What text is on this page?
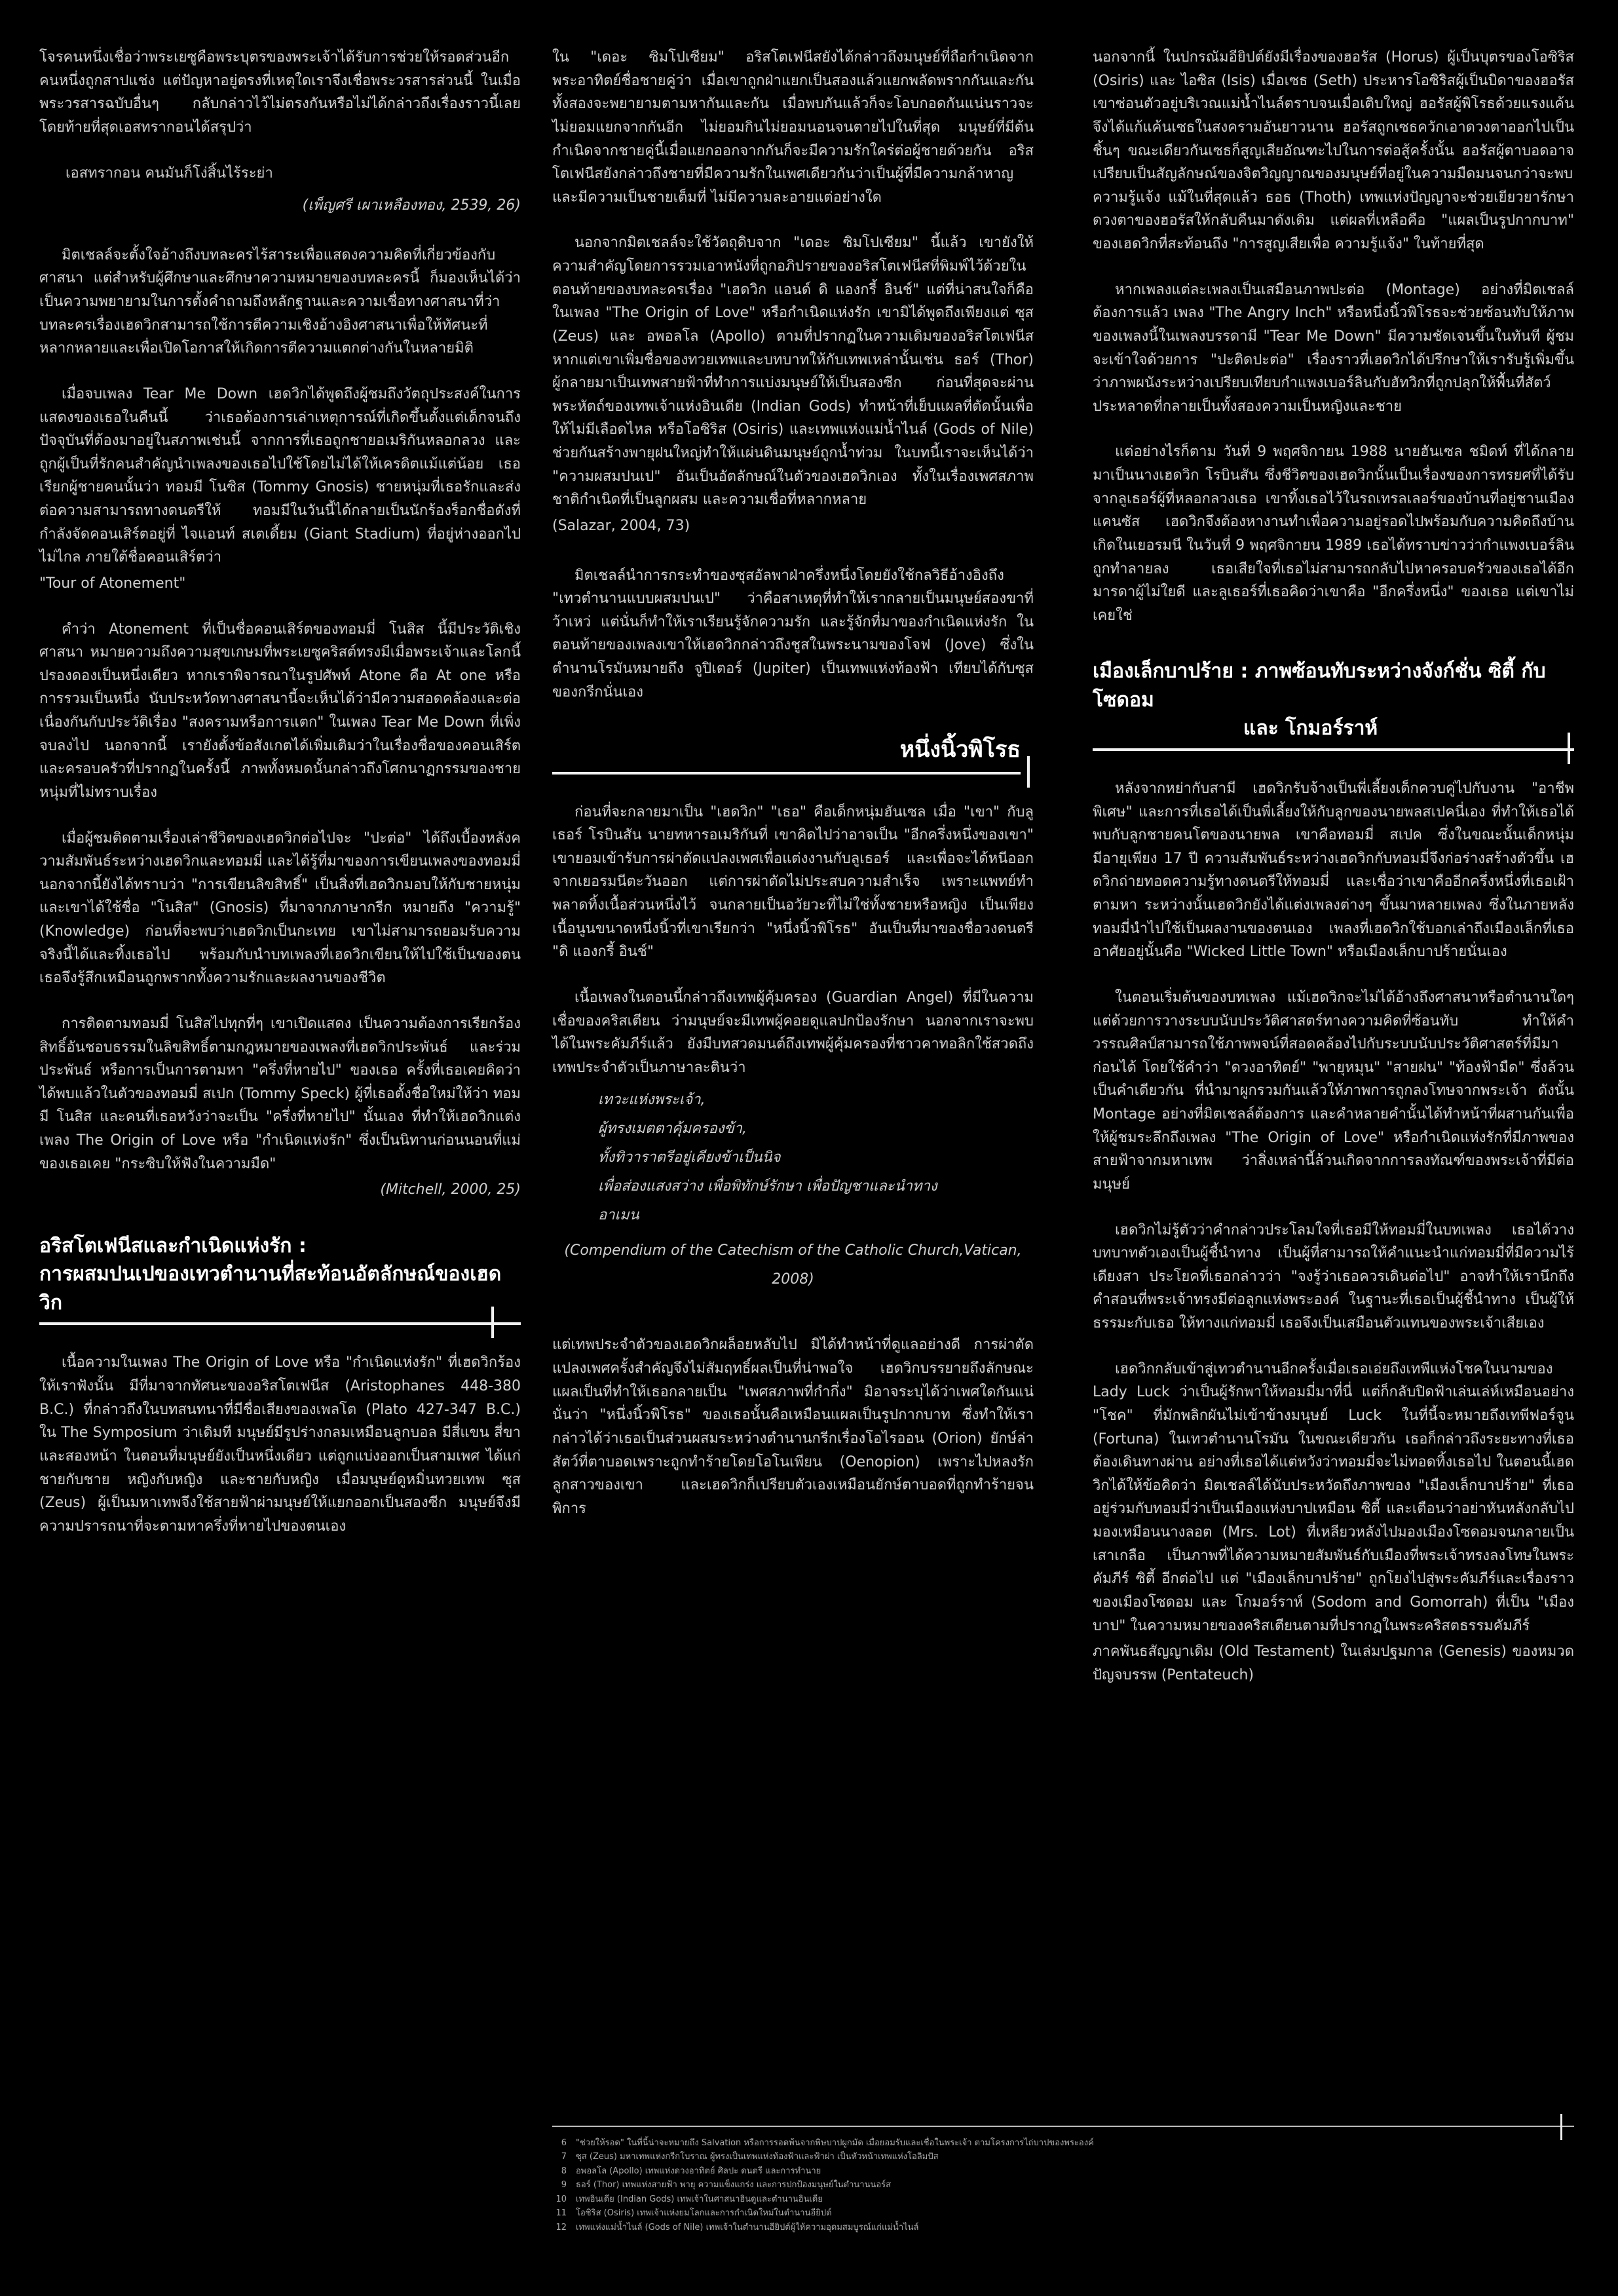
โจรคนหนึ่งเชื่อว่าพระเยซูคือพระบุตรของพระเจ้าได้รับการช่วยให้รอดส่วนอีกคนหนึ่งถูกสาปแช่ง แต่ปัญหาอยู่ตรงที่เหตุใดเราจึงเชื่อพระวรสารส่วนนี้ ในเมื่อพระวรสารฉบับอื่นๆ กลับกล่าวไว้ไม่ตรงกันหรือไม่ได้กล่าวถึงเรื่องราวนี้เลย โดยท้ายที่สุดเอสทรากอนได้สรุปว่า

เอสทรากอน คนมันก็โง่สิ้นไร้ระย่า

(เพ็ญศรี เผาเหลืองทอง, 2539, 26)

มิตเชลล์จะตั้งใจอ้างถึงบทละครไร้สาระเพื่อแสดงความคิดที่เกี่ยวข้องกับศาสนา แต่สำหรับผู้ศึกษาและศึกษาความหมายของบทละครนี้ ก็มองเห็นได้ว่าเป็นความพยายามในการตั้งคำถามถึงหลักฐานและความเชื่อทางศาสนาที่ว่า บทละครเรื่องเฮดวิกสามารถใช้การตีความเชิงอ้างอิงศาสนาเพื่อให้ทัศนะที่หลากหลายและเพื่อเปิดโอกาสให้เกิดการตีความแตกต่างกันในหลายมิติ

เมื่อจบเพลง Tear Me Down เฮดวิกได้พูดถึงผู้ชมถึงวัตถุประสงค์ในการแสดงของเธอในคืนนี้ ว่าเธอต้องการเล่าเหตุการณ์ที่เกิดขึ้นตั้งแต่เด็กจนถึงปัจจุบันที่ต้องมาอยู่ในสภาพเช่นนี้ จากการที่เธอถูกชายอเมริกันหลอกลวง และถูกผู้เป็นที่รักคนสำคัญนำเพลงของเธอไปใช้โดยไม่ได้ให้เครดิตแม้แต่น้อย เธอเรียกผู้ชายคนนั้นว่า ทอมมี โนซิส (Tommy Gnosis) ชายหนุ่มที่เธอรักและส่งต่อความสามารถทางดนตรีให้ ทอมมีในวันนี้ได้กลายเป็นนักร้องร็อกชื่อดังที่กำลังจัดคอนเสิร์ตอยู่ที่ ไจแอนท์ สเตเดี้ยม (Giant Stadium) ที่อยู่ห่างออกไปไม่ไกล ภายใต้ชื่อคอนเสิร์ตว่า

"Tour of Atonement"

คำว่า Atonement ที่เป็นชื่อคอนเสิร์ตของทอมมี่ โนสิส นี้มีประวัติเชิงศาสนา หมายความถึงความสุขเกษมที่พระเยซูคริสต์ทรงมีเมื่อพระเจ้าและโลกนี้ปรองดองเป็นหนึ่งเดียว หากเราพิจารณาในรูปศัพท์ Atone คือ At one หรือการรวมเป็นหนึ่ง นับประหวัดทางศาสนานี้จะเห็นได้ว่ามีความสอดคล้องและต่อเนื่องกันกับประวัติเรื่อง "สงครามหรือการแตก" ในเพลง Tear Me Down ที่เพิ่งจบลงไป นอกจากนี้ เรายังตั้งข้อสังเกตได้เพิ่มเติมว่าในเรื่องชื่อของคอนเสิร์ตและครอบครัวที่ปรากฏในครั้งนี้ ภาพทั้งหมดนั้นกล่าวถึงโศกนาฏกรรมของชายหนุ่มที่ไม่ทราบเรื่อง

เมื่อผู้ชมติดตามเรื่องเล่าชีวิตของเฮดวิกต่อไปจะ "ปะต่อ" ได้ถึงเบื้องหลังความสัมพันธ์ระหว่างเฮดวิกและทอมมี่ และได้รู้ที่มาของการเขียนเพลงของทอมมี่ นอกจากนี้ยังได้ทราบว่า "การเขียนลิขสิทธิ์" เป็นสิ่งที่เฮดวิกมอบให้กับชายหนุ่ม และเขาได้ใช้ชื่อ "โนสิส" (Gnosis) ที่มาจากภาษากรีก หมายถึง "ความรู้" (Knowledge) ก่อนที่จะพบว่าเฮดวิกเป็นกะเทย เขาไม่สามารถยอมรับความจริงนี้ได้และทิ้งเธอไป พร้อมกับนำบทเพลงที่เฮดวิกเขียนให้ไปใช้เป็นของตน เธอจึงรู้สึกเหมือนถูกพรากทั้งความรักและผลงานของชีวิต

การติดตามทอมมี่ โนสิสไปทุกที่ๆ เขาเปิดแสดง เป็นความต้องการเรียกร้องสิทธิ์อันชอบธรรมในลิขสิทธิ์ตามกฎหมายของเพลงที่เฮดวิกประพันธ์ และร่วมประพันธ์ หรือการเป็นการตามหา "ครึ่งที่หายไป" ของเธอ ครั้งที่เธอเคยคิดว่าได้พบแล้วในตัวของทอมมี่ สเปก (Tommy Speck) ผู้ที่เธอตั้งชื่อใหม่ให้ว่า ทอมมี โนสิส และคนที่เธอหวังว่าจะเป็น "ครึ่งที่หายไป" นั้นเอง ที่ทำให้เฮดวิกแต่งเพลง The Origin of Love หรือ "กำเนิดแห่งรัก" ซึ่งเป็นนิทานก่อนนอนที่แม่ของเธอเคย "กระซิบให้ฟังในความมืด"

(Mitchell, 2000, 25)
อริสโตเฟนีสและกำเนิดแห่งรัก :
การผสมปนเปของเทวตำนานที่สะท้อนอัตลักษณ์ของเฮดวิก

เนื้อความในเพลง The Origin of Love หรือ "กำเนิดแห่งรัก" ที่เฮดวิกร้องให้เราฟังนั้น มีที่มาจากทัศนะของอริสโตเฟนีส (Aristophanes 448-380 B.C.) ที่กล่าวถึงในบทสนทนาที่มีชื่อเสียงของเพลโต (Plato 427-347 B.C.) ใน The Symposium ว่าเดิมที มนุษย์มีรูปร่างกลมเหมือนลูกบอล มีสี่แขน สี่ขา และสองหน้า ในตอนที่มนุษย์ยังเป็นหนึ่งเดียว แต่ถูกแบ่งออกเป็นสามเพศ ได้แก่ ชายกับชาย หญิงกับหญิง และชายกับหญิง เมื่อมนุษย์ดูหมิ่นทวยเทพ ซุส (Zeus) ผู้เป็นมหาเทพจึงใช้สายฟ้าผ่ามนุษย์ให้แยกออกเป็นสองซีก มนุษย์จึงมีความปรารถนาที่จะตามหาครึ่งที่หายไปของตนเอง

ใน "เดอะ ซิมโปเซียม" อริสโตเฟนีสยังได้กล่าวถึงมนุษย์ที่ถือกำเนิดจากพระอาทิตย์ชื่อชายคู่ว่า เมื่อเขาถูกฝ่าแยกเป็นสองแล้วแยกพลัดพรากกันและกัน ทั้งสองจะพยายามตามหากันและกัน เมื่อพบกันแล้วก็จะโอบกอดกันแน่นราวจะไม่ยอมแยกจากกันอีก ไม่ยอมกินไม่ยอมนอนจนตายไปในที่สุด มนุษย์ที่มีต้นกำเนิดจากชายคู่นี้เมื่อแยกออกจากกันก็จะมีความรักใคร่ต่อผู้ชายด้วยกัน อริสโตเฟนีสยังกล่าวถึงชายที่มีความรักในเพศเดียวกันว่าเป็นผู้ที่มีความกล้าหาญ และมีความเป็นชายเต็มที่ ไม่มีความละอายแต่อย่างใด

นอกจากมิตเชลล์จะใช้วัตถุดิบจาก "เดอะ ซิมโปเซียม" นี้แล้ว เขายังให้ความสำคัญโดยการรวมเอาหนังที่ถูกอภิปรายของอริสโตเฟนีสที่พิมพ์ไว้ด้วยในตอนท้ายของบทละครเรื่อง "เฮดวิก แอนด์ ดิ แองกรี้ อินช์" แต่ที่น่าสนใจก็คือ ในเพลง "The Origin of Love" หรือกำเนิดแห่งรัก เขามิได้พูดถึงเพียงแต่ ซุส (Zeus) และ อพอลโล (Apollo) ตามที่ปรากฏในความเดิมของอริสโตเฟนีส หากแต่เขาเพิ่มชื่อของทวยเทพและบทบาทให้กับเทพเหล่านั้นเช่น ธอร์ (Thor) ผู้กลายมาเป็นเทพสายฟ้าที่ทำการแบ่งมนุษย์ให้เป็นสองซีก ก่อนที่สุดจะผ่านพระหัตถ์ของเทพเจ้าแห่งอินเดีย (Indian Gods) ทำหน้าที่เย็บแผลที่ตัดนั้นเพื่อให้ไม่มีเลือดไหล หรือโอซิริส (Osiris) และเทพแห่งแม่น้ำไนล์ (Gods of Nile) ช่วยกันสร้างพายุฝนใหญ่ทำให้แผ่นดินมนุษย์ถูกน้ำท่วม ในบทนี้เราจะเห็นได้ว่า "ความผสมปนเป" อันเป็นอัตลักษณ์ในตัวของเฮดวิกเอง ทั้งในเรื่องเพศสภาพ ชาติกำเนิดที่เป็นลูกผสม และความเชื่อที่หลากหลาย

(Salazar, 2004, 73)

มิตเชลล์นำการกระทำของซุสอัลพาฝ่าครึ่งหนึ่งโดยยังใช้กลวิธีอ้างอิงถึง "เทวตำนานแบบผสมปนเป" ว่าคือสาเหตุที่ทำให้เรากลายเป็นมนุษย์สองขาที่ว้าเหว่ แต่นั่นก็ทำให้เราเรียนรู้จักความรัก และรู้จักที่มาของกำเนิดแห่งรัก ในตอนท้ายของเพลงเขาให้เฮดวิกกล่าวถึงชูสในพระนามของโจฟ (Jove) ซึ่งในตำนานโรมันหมายถึง จูปิเตอร์ (Jupiter) เป็นเทพแห่งท้องฟ้า เทียบได้กับซุสของกรีกนั่นเอง

หนึ่งนิ้วพิโรธ

ก่อนที่จะกลายมาเป็น "เฮดวิก" "เธอ" คือเด็กหนุ่มฮันเซล เมื่อ "เขา" กับลูเธอร์ โรบินสัน นายทหารอเมริกันที่ เขาคิดไปว่าอาจเป็น "อีกครึ่งหนึ่งของเขา" เขายอมเข้ารับการผ่าตัดแปลงเพศเพื่อแต่งงานกับลูเธอร์ และเพื่อจะได้หนีออกจากเยอรมนีตะวันออก แต่การผ่าตัดไม่ประสบความสำเร็จ เพราะแพทย์ทำพลาดทิ้งเนื้อส่วนหนึ่งไว้ จนกลายเป็นอวัยวะที่ไม่ใช่ทั้งชายหรือหญิง เป็นเพียงเนื้อนูนขนาดหนึ่งนิ้วที่เขาเรียกว่า "หนึ่งนิ้วพิโรธ" อันเป็นที่มาของชื่อวงดนตรี "ดิ แองกรี้ อินช์"

เนื้อเพลงในตอนนี้กล่าวถึงเทพผู้คุ้มครอง (Guardian Angel) ที่มีในความเชื่อของคริสเตียน ว่ามนุษย์จะมีเทพผู้คอยดูแลปกป้องรักษา นอกจากเราจะพบได้ในพระคัมภีร์แล้ว ยังมีบทสวดมนต์ถึงเทพผู้คุ้มครองที่ชาวคาทอลิกใช้สวดถึงเทพประจำตัวเป็นภาษาละตินว่า

เทวะแห่งพระเจ้า,
ผู้ทรงเมตตาคุ้มครองข้า,
ทั้งทิวาราตรีอยู่เคียงข้าเป็นนิจ
เพื่อส่องแสงสว่าง เพื่อพิทักษ์รักษา เพื่อปัญชาและนำทาง
อาเมน
(Compendium of the Catechism of the Catholic Church,Vatican, 2008)

แต่เทพประจำตัวของเฮดวิกผล็อยหลับไป มิได้ทำหน้าที่ดูแลอย่างดี การผ่าตัดแปลงเพศครั้งสำคัญจึงไม่สัมฤทธิ์ผลเป็นที่น่าพอใจ เฮดวิกบรรยายถึงลักษณะแผลเป็นที่ทำให้เธอกลายเป็น "เพศสภาพที่กำกึ่ง" มิอาจระบุได้ว่าเพศใดกันแน่นั่นว่า "หนึ่งนิ้วพิโรธ" ของเธอนั้นคือเหมือนแผลเป็นรูปกากบาท ซึ่งทำให้เรากล่าวได้ว่าเธอเป็นส่วนผสมระหว่างตำนานกรีกเรื่องโอไรออน (Orion) ยักษ์ล่าสัตว์ที่ตาบอดเพราะถูกทำร้ายโดยโอโนเพียน (Oenopion) เพราะไปหลงรักลูกสาวของเขา และเฮดวิกก็เปรียบตัวเองเหมือนยักษ์ตาบอดที่ถูกทำร้ายจนพิการ

นอกจากนี้ ในปกรณัมอียิปต์ยังมีเรื่องของฮอรัส (Horus) ผู้เป็นบุตรของโอซิริส (Osiris) และ ไอซิส (Isis) เมื่อเซธ (Seth) ประหารโอซิริสผู้เป็นบิดาของฮอรัส เขาซ่อนตัวอยู่บริเวณแม่น้ำไนล์ตราบจนเมื่อเติบใหญ่ ฮอรัสผู้พิโรธด้วยแรงแค้นจึงได้แก้แค้นเซธในสงครามอันยาวนาน ฮอรัสถูกเซธควักเอาดวงตาออกไปเป็นชิ้นๆ ขณะเดียวกันเซธก็สูญเสียอัณฑะไปในการต่อสู้ครั้งนั้น ฮอรัสผู้ตาบอดอาจเปรียบเป็นสัญลักษณ์ของจิตวิญญาณของมนุษย์ที่อยู่ในความมืดมนจนกว่าจะพบความรู้แจ้ง แม้ในที่สุดแล้ว ธอธ (Thoth) เทพแห่งปัญญาจะช่วยเยียวยารักษาดวงตาของฮอรัสให้กลับคืนมาดังเดิม แต่ผลที่เหลือคือ "แผลเป็นรูปกากบาท" ของเฮดวิกที่สะท้อนถึง "การสูญเสียเพื่อ ความรู้แจ้ง" ในท้ายที่สุด

หากเพลงแต่ละเพลงเป็นเสมือนภาพปะต่อ (Montage) อย่างที่มิตเชลล์ต้องการแล้ว เพลง "The Angry Inch" หรือหนึ่งนิ้วพิโรธจะช่วยซ้อนทับให้ภาพของเพลงนี้ในเพลงบรรดามี "Tear Me Down" มีความชัดเจนขึ้นในทันที ผู้ชมจะเข้าใจด้วยการ "ปะติดปะต่อ" เรื่องราวที่เฮดวิกได้ปรึกษาให้เรารับรู้เพิ่มขึ้น ว่าภาพผนังระหว่างเปรียบเทียบกำแพงเบอร์ลินกับฮัทวิกที่ถูกปลุกให้พื้นที่สัตว์ประหลาดที่กลายเป็นทั้งสองความเป็นหญิงและชาย

แต่อย่างไรก็ตาม วันที่ 9 พฤศจิกายน 1988 นายฮันเซล ชมิดท์ ที่ได้กลายมาเป็นนางเฮดวิก โรบินสัน ซึ่งชีวิตของเฮดวิกนั้นเป็นเรื่องของการทรยศที่ได้รับจากลูเธอร์ผู้ที่หลอกลวงเธอ เขาทิ้งเธอไว้ในรถเทรลเลอร์ของบ้านที่อยู่ชานเมืองแคนซัส เฮดวิกจึงต้องหางานทำเพื่อความอยู่รอดไปพร้อมกับความคิดถึงบ้านเกิดในเยอรมนี ในวันที่ 9 พฤศจิกายน 1989 เธอได้ทราบข่าวว่ากำแพงเบอร์ลินถูกทำลายลง เธอเสียใจที่เธอไม่สามารถกลับไปหาครอบครัวของเธอได้อีก มารดาผู้ไม่ใยดี และลูเธอร์ที่เธอคิดว่าเขาคือ "อีกครึ่งหนึ่ง" ของเธอ แต่เขาไม่เคยใช่

เมืองเล็กบาปร้าย : ภาพซ้อนทับระหว่างจังก์ชั่น ซิตี้ กับ โซดอม
และ โกมอร์ราห์

หลังจากหย่ากับสามี เฮดวิกรับจ้างเป็นพี่เลี้ยงเด็กควบคู่ไปกับงาน "อาชีพพิเศษ" และการที่เธอได้เป็นพี่เลี้ยงให้กับลูกของนายพลสเปคนี่เอง ที่ทำให้เธอได้พบกับลูกชายคนโตของนายพล เขาคือทอมมี่ สเปค ซึ่งในขณะนั้นเด็กหนุ่มมีอายุเพียง 17 ปี ความสัมพันธ์ระหว่างเฮดวิกกับทอมมี่จึงก่อร่างสร้างตัวขึ้น เฮดวิกถ่ายทอดความรู้ทางดนตรีให้ทอมมี่ และเชื่อว่าเขาคืออีกครึ่งหนึ่งที่เธอเฝ้าตามหา ระหว่างนั้นเฮดวิกยังได้แต่งเพลงต่างๆ ขึ้นมาหลายเพลง ซึ่งในภายหลังทอมมี่นำไปใช้เป็นผลงานของตนเอง เพลงที่เฮดวิกใช้บอกเล่าถึงเมืองเล็กที่เธออาศัยอยู่นั้นคือ "Wicked Little Town" หรือเมืองเล็กบาปร้ายนั่นเอง

ในตอนเริ่มต้นของบทเพลง แม้เฮดวิกจะไม่ได้อ้างถึงศาสนาหรือตำนานใดๆ แต่ด้วยการวางระบบนับประวัติศาสตร์ทางความคิดที่ซ้อนทับ ทำให้คำวรรณศิลป์สามารถใช้ภาพพจน์ที่สอดคล้องไปกับระบบนับประวัติศาสตร์ที่มีมาก่อนได้ โดยใช้คำว่า "ดวงอาทิตย์" "พายุหมุน" "สายฝน" "ท้องฟ้ามืด" ซึ่งล้วนเป็นคำเดียวกัน ที่นำมาผูกรวมกันแล้วให้ภาพการถูกลงโทษจากพระเจ้า ดังนั้น Montage อย่างที่มิตเชลล์ต้องการ และคำหลายคำนั้นได้ทำหน้าที่ผสานกันเพื่อให้ผู้ชมระลึกถึงเพลง "The Origin of Love" หรือกำเนิดแห่งรักที่มีภาพของสายฟ้าจากมหาเทพ ว่าสิ่งเหล่านี้ล้วนเกิดจากการลงทัณฑ์ของพระเจ้าที่มีต่อมนุษย์

เฮดวิกไม่รู้ตัวว่าคำกล่าวประโลมใจที่เธอมีให้ทอมมี่ในบทเพลง เธอได้วางบทบาทตัวเองเป็นผู้ชี้นำทาง เป็นผู้ที่สามารถให้คำแนะนำแก่ทอมมี่ที่มีความไร้เดียงสา ประโยคที่เธอกล่าวว่า "จงรู้ว่าเธอควรเดินต่อไป" อาจทำให้เรานึกถึงคำสอนที่พระเจ้าทรงมีต่อลูกแห่งพระองค์ ในฐานะที่เธอเป็นผู้ชี้นำทาง เป็นผู้ให้ธรรมะกับเธอ ให้ทางแก่ทอมมี่ เธอจึงเป็นเสมือนตัวแทนของพระเจ้าเสียเอง

เฮดวิกกลับเข้าสู่เทวตำนานอีกครั้งเมื่อเธอเอ่ยถึงเทพีแห่งโชคในนามของ Lady Luck ว่าเป็นผู้รักพาให้ทอมมี่มาที่นี่ แต่ก็กลับปิดฟ้าเล่นเล่ห์เหมือนอย่าง "โชค" ที่มักพลิกผันไม่เข้าข้างมนุษย์ Luck ในที่นี้จะหมายถึงเทพีฟอร์จูน (Fortuna) ในเทวตำนานโรมัน ในขณะเดียวกัน เธอก็กล่าวถึงระยะทางที่เธอต้องเดินทางผ่าน อย่างที่เธอได้แต่หวังว่าทอมมี่จะไม่ทอดทิ้งเธอไป ในตอนนี้เฮดวิกได้ให้ข้อคิดว่า มิตเชลล์ได้นับประหวัดถึงภาพของ "เมืองเล็กบาปร้าย" ที่เธออยู่ร่วมกับทอมมี่ว่าเป็นเมืองแห่งบาปเหมือน ซิตี้ และเตือนว่าอย่าหันหลังกลับไปมองเหมือนนางลอต (Mrs. Lot) ที่เหลียวหลังไปมองเมืองโซดอมจนกลายเป็นเสาเกลือ เป็นภาพที่ได้ความหมายสัมพันธ์กับเมืองที่พระเจ้าทรงลงโทษในพระคัมภีร์ ซิตี้ อีกต่อไป แต่ "เมืองเล็กบาปร้าย" ถูกโยงไปสู่พระคัมภีร์และเรื่องราวของเมืองโซดอม และ โกมอร์ราห์ (Sodom and Gomorrah) ที่เป็น "เมืองบาป" ในความหมายของคริสเตียนตามที่ปรากฏในพระคริสตธรรมคัมภีร์

ภาคพันธสัญญาเดิม (Old Testament) ในเล่มปฐมกาล (Genesis) ของหมวดปัญจบรรพ (Pentateuch)

6 "ช่วยให้รอด" ในที่นี้น่าจะหมายถึง Salvation หรือการรอดพ้นจากพิษบาปผูกมัด เมื่อยอมรับและเชื่อในพระเจ้า ตามโครงการไถ่บาปของพระองค์
7 ซุส (Zeus) มหาเทพแห่งกรีกโบราณ ผู้ทรงเป็นเทพแห่งท้องฟ้าและฟ้าผ่า เป็นหัวหน้าเทพแห่งโอลิมปัส
8 อพอลโล (Apollo) เทพแห่งดวงอาทิตย์ ศิลปะ ดนตรี และการทำนาย
9 ธอร์ (Thor) เทพแห่งสายฟ้า พายุ ความแข็งแกร่ง และการปกป้องมนุษย์ในตำนานนอร์ส
10 เทพอินเดีย (Indian Gods) เทพเจ้าในศาสนาฮินดูและตำนานอินเดีย
11 โอซิริส (Osiris) เทพเจ้าแห่งยมโลกและการกำเนิดใหม่ในตำนานอียิปต์
12 เทพแห่งแม่น้ำไนล์ (Gods of Nile) เทพเจ้าในตำนานอียิปต์ผู้ให้ความอุดมสมบูรณ์แก่แม่น้ำไนล์
